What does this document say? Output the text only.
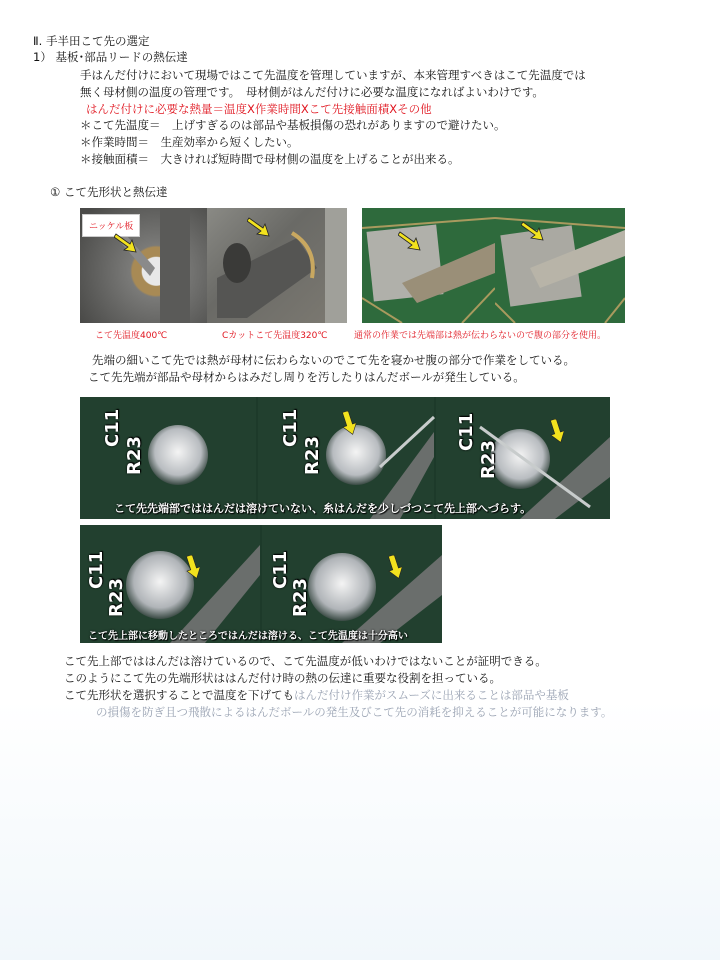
Ⅱ. 手半田こて先の選定
1） 基板･部品リードの熱伝達
手はんだ付けにおいて現場ではこて先温度を管理していますが、本来管理すべきはこて先温度では
無く母材側の温度の管理です。　母材側がはんだ付けに必要な温度になればよいわけです。
はんだ付けに必要な熱量＝温度X作業時間Xこて先接触面積Xその他
＊こて先温度＝　上げすぎるのは部品や基板損傷の恐れがありますので避けたい。
＊作業時間＝　生産効率から短くしたい。
＊接触面積＝　大きければ短時間で母材側の温度を上げることが出来る。
① こて先形状と熱伝達
ニッケル板
こて先温度400℃	Cカットこて先温度320℃	通常の作業では先端部は熱が伝わらないので腹の部分を使用。
先端の細いこて先では熱が母材に伝わらないのでこて先を寝かせ腹の部分で作業をしている。
こて先先端が部品や母材からはみだし周りを汚したりはんだボールが発生している。
C11
R23
C11
R23
C11
R23
こて先先端部でははんだは溶けていない、糸はんだを少しづつこて先上部へづらす。
C11
R23
C11
R23
こて先上部に移動したところではんだは溶ける、こて先温度は十分高い
こて先上部でははんだは溶けているので、こて先温度が低いわけではないことが証明できる。
このようにこて先の先端形状ははんだ付け時の熱の伝達に重要な役割を担っている。
こて先形状を選択することで温度を下げてもはんだ付け作業がスムーズに出来ることは部品や基板
の損傷を防ぎ且つ飛散によるはんだボールの発生及びこて先の消耗を抑えることが可能になります。
